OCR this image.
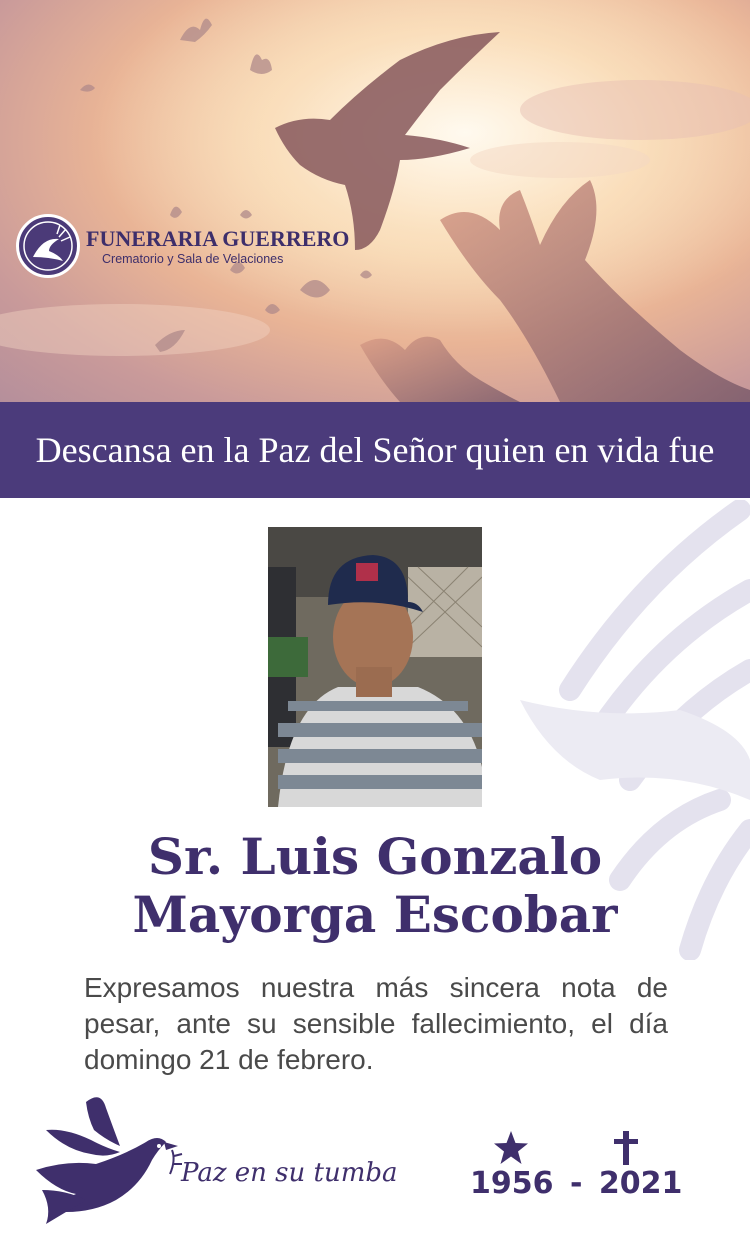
FUNERARIA GUERRERO
Crematorio y Sala de Velaciones
Descansa en la Paz del Señor quien en vida fue
Sr. Luis Gonzalo
Mayorga Escobar
Expresamos nuestra más sincera nota de pesar, ante su sensible fallecimiento, el día domingo 21 de febrero.
Paz en su tumba 1956 - 2021
